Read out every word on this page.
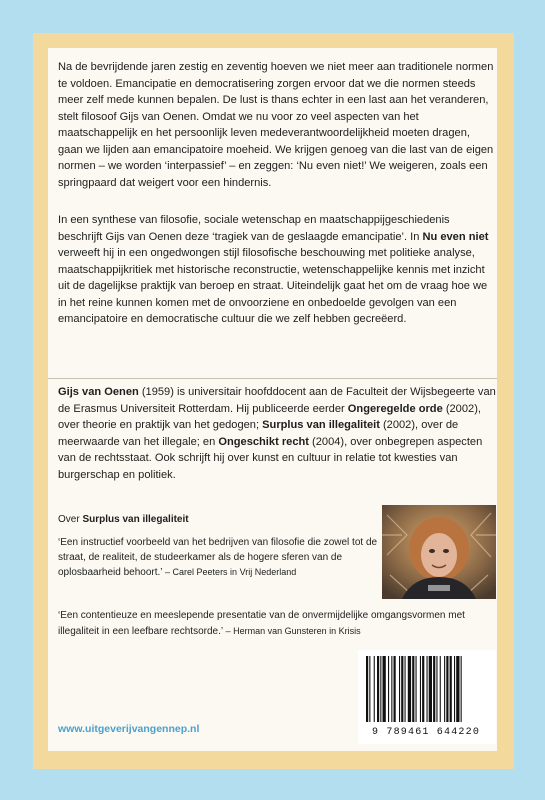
Na de bevrijdende jaren zestig en zeventig hoeven we niet meer aan traditionele normen te voldoen. Emancipatie en democratisering zorgen ervoor dat we die normen steeds meer zelf mede kunnen bepalen. De lust is thans echter in een last aan het veranderen, stelt filosoof Gijs van Oenen. Omdat we nu voor zo veel aspecten van het maatschappelijk en het persoonlijk leven medeverantwoordelijkheid moeten dragen, gaan we lijden aan emancipatoire moeheid. We krijgen genoeg van die last van de eigen normen – we worden ‘interpassief’ – en zeggen: ‘Nu even niet!’ We weigeren, zoals een springpaard dat weigert voor een hindernis.

In een synthese van filosofie, sociale wetenschap en maatschappijgeschiedenis beschrijft Gijs van Oenen deze ‘tragiek van de geslaagde emancipatie’. In Nu even niet verweeft hij in een ongedwongen stijl filosofische beschouwing met politieke analyse, maatschappijkritiek met historische reconstructie, wetenschappelijke kennis met inzicht uit de dagelijkse praktijk van beroep en straat. Uiteindelijk gaat het om de vraag hoe we in het reine kunnen komen met de onvoorziene en onbedoelde gevolgen van een emancipatoire en democratische cultuur die we zelf hebben gecreëerd.

Gijs van Oenen (1959) is universitair hoofddocent aan de Faculteit der Wijsbegeerte van de Erasmus Universiteit Rotterdam. Hij publiceerde eerder Ongeregelde orde (2002), over theorie en praktijk van het gedogen; Surplus van illegaliteit (2002), over de meerwaarde van het illegale; en Ongeschikt recht (2004), over onbegrepen aspecten van de rechtsstaat. Ook schrijft hij over kunst en cultuur in relatie tot kwesties van burgerschap en politiek.

Over Surplus van illegaliteit
‘Een instructief voorbeeld van het bedrijven van filosofie die zowel tot de straat, de realiteit, de studeerkamer als de hogere sferen van de oplosbaarheid behoort.’ – Carel Peeters in Vrij Nederland
‘Een contentieuze en meeslepende presentatie van de onvermijdelijke omgangsvormen met illegaliteit in een leefbare rechtsorde.’ – Herman van Gunsteren in Krisis
9 789461 644220
www.uitgeverijvangennep.nl
